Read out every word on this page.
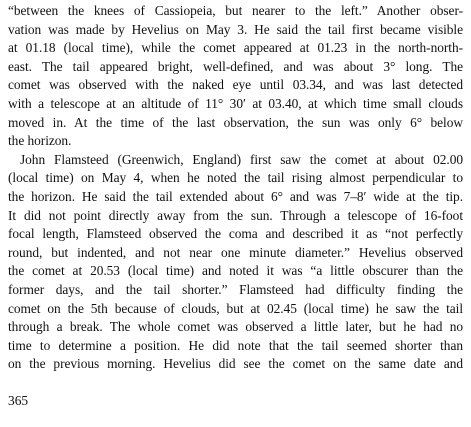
“between the knees of Cassiopeia, but nearer to the left.” Another obser-
vation was made by Hevelius on May 3. He said the tail first became visible
at 01.18 (local time), while the comet appeared at 01.23 in the north-north-
east. The tail appeared bright, well-defined, and was about 3° long. The
comet was observed with the naked eye until 03.34, and was last detected
with a telescope at an altitude of 11° 30′ at 03.40, at which time small clouds
moved in. At the time of the last observation, the sun was only 6° below
the horizon.
John Flamsteed (Greenwich, England) first saw the comet at about 02.00
(local time) on May 4, when he noted the tail rising almost perpendicular to
the horizon. He said the tail extended about 6° and was 7–8′ wide at the tip.
It did not point directly away from the sun. Through a telescope of 16-foot
focal length, Flamsteed observed the coma and described it as “not perfectly
round, but indented, and not near one minute diameter.” Hevelius observed
the comet at 20.53 (local time) and noted it was “a little obscurer than the
former days, and the tail shorter.” Flamsteed had difficulty finding the
comet on the 5th because of clouds, but at 02.45 (local time) he saw the tail
through a break. The whole comet was observed a little later, but he had no
time to determine a position. He did note that the tail seemed shorter than
on the previous morning. Hevelius did see the comet on the same date and
365
